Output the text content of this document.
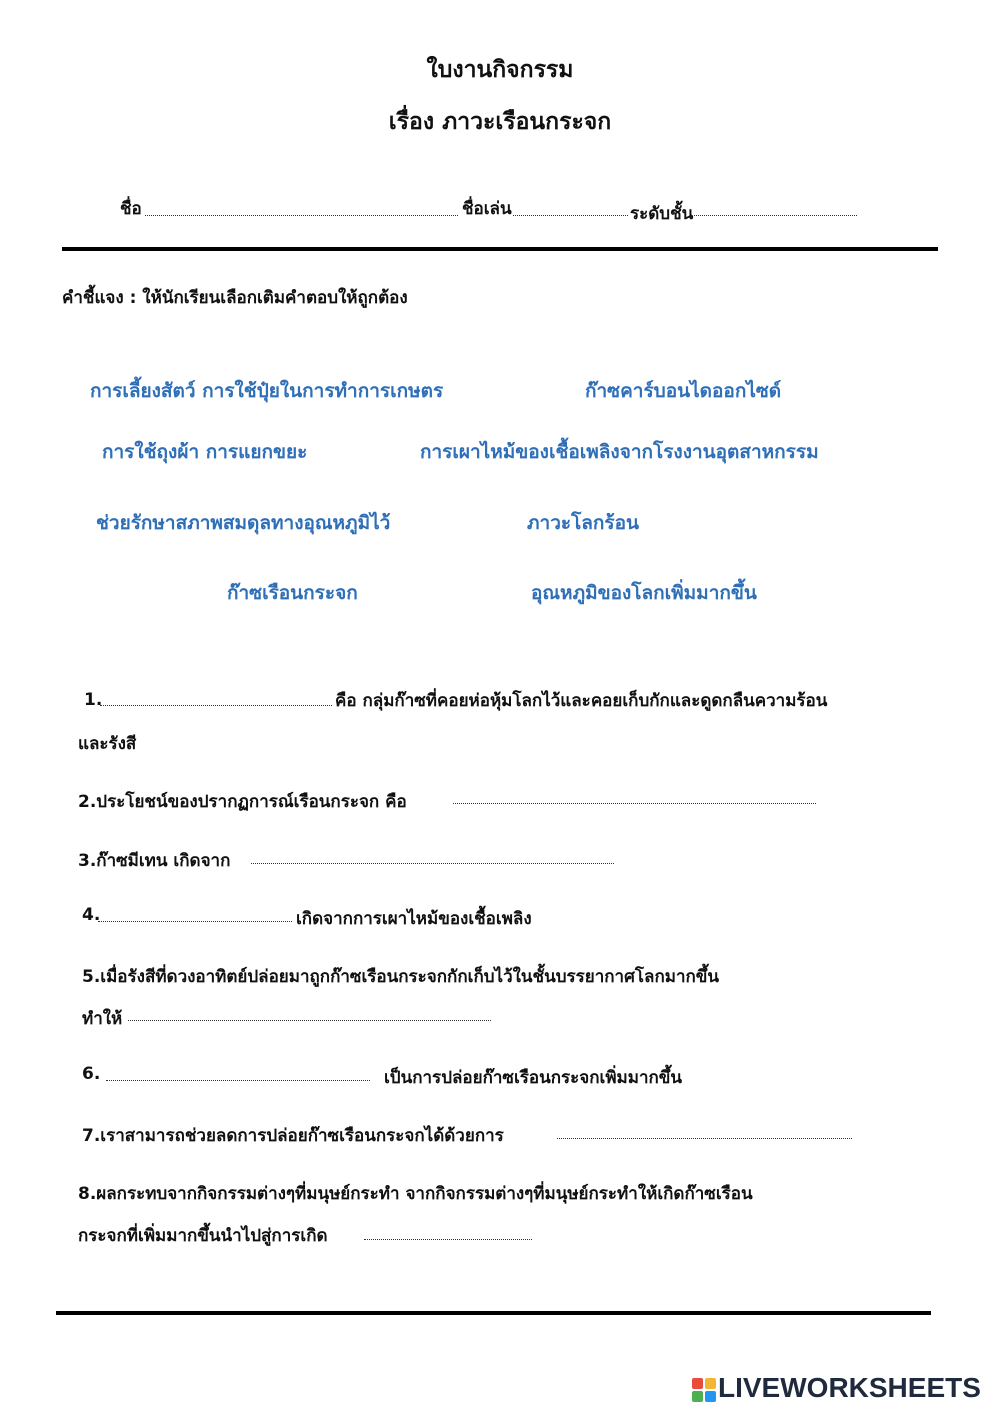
ใบงานกิจกรรม
เรื่อง ภาวะเรือนกระจก
ชื่อ	ชื่อเล่น	ระดับชั้น
คำชี้แจง : ให้นักเรียนเลือกเติมคำตอบให้ถูกต้อง
การเลี้ยงสัตว์ การใช้ปุ๋ยในการทำการเกษตร	ก๊าซคาร์บอนไดออกไซด์
การใช้ถุงผ้า การแยกขยะ	การเผาไหม้ของเชื้อเพลิงจากโรงงานอุตสาหกรรม
ช่วยรักษาสภาพสมดุลทางอุณหภูมิไว้	ภาวะโลกร้อน
ก๊าซเรือนกระจก	อุณหภูมิของโลกเพิ่มมากขึ้น
1.	คือ กลุ่มก๊าซที่คอยห่อหุ้มโลกไว้และคอยเก็บกักและดูดกลืนความร้อน
และรังสี
2.ประโยชน์ของปรากฏการณ์เรือนกระจก คือ
3.ก๊าซมีเทน เกิดจาก
4.	เกิดจากการเผาไหม้ของเชื้อเพลิง
5.เมื่อรังสีที่ดวงอาทิตย์ปล่อยมาถูกก๊าซเรือนกระจกกักเก็บไว้ในชั้นบรรยากาศโลกมากขึ้น
ทำให้
6.	เป็นการปล่อยก๊าซเรือนกระจกเพิ่มมากขึ้น
7.เราสามารถช่วยลดการปล่อยก๊าซเรือนกระจกได้ด้วยการ
8.ผลกระทบจากกิจกรรมต่างๆที่มนุษย์กระทำ จากกิจกรรมต่างๆที่มนุษย์กระทำให้เกิดก๊าซเรือน
กระจกที่เพิ่มมากขึ้นนำไปสู่การเกิด
LIVEWORKSHEETS
